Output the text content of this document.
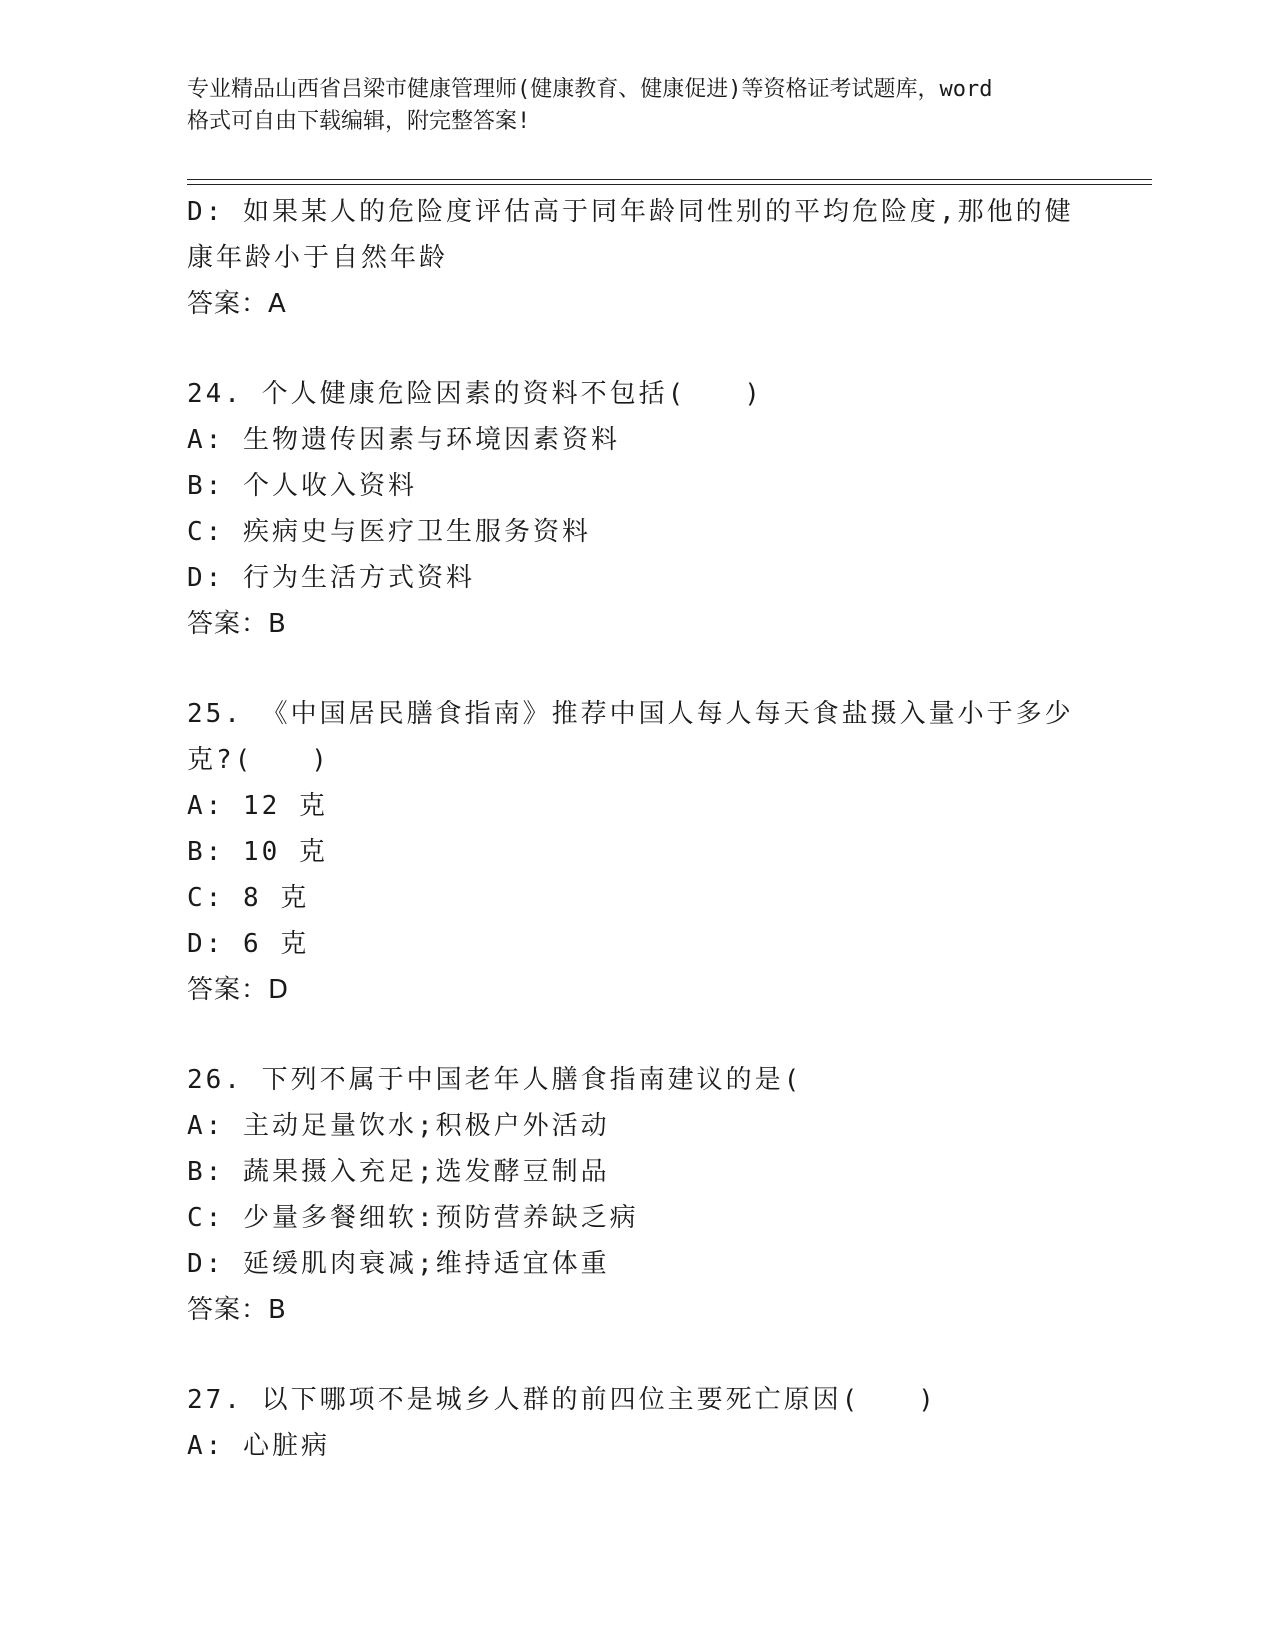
专业精品山西省吕梁市健康管理师(健康教育、健康促进)等资格证考试题库，word
格式可自由下载编辑，附完整答案!
D: 如果某人的危险度评估高于同年龄同性别的平均危险度,那他的健
康年龄小于自然年龄
答案：A
24. 个人健康危险因素的资料不包括(　　)
A: 生物遗传因素与环境因素资料
B: 个人收入资料
C: 疾病史与医疗卫生服务资料
D: 行为生活方式资料
答案：B
25. 《中国居民膳食指南》推荐中国人每人每天食盐摄入量小于多少
克?(　　)
A: 12 克
B: 10 克
C: 8 克
D: 6 克
答案：D
26. 下列不属于中国老年人膳食指南建议的是(
A: 主动足量饮水;积极户外活动
B: 蔬果摄入充足;选发酵豆制品
C: 少量多餐细软:预防营养缺乏病
D: 延缓肌肉衰减;维持适宜体重
答案：B
27. 以下哪项不是城乡人群的前四位主要死亡原因(　　)
A: 心脏病
